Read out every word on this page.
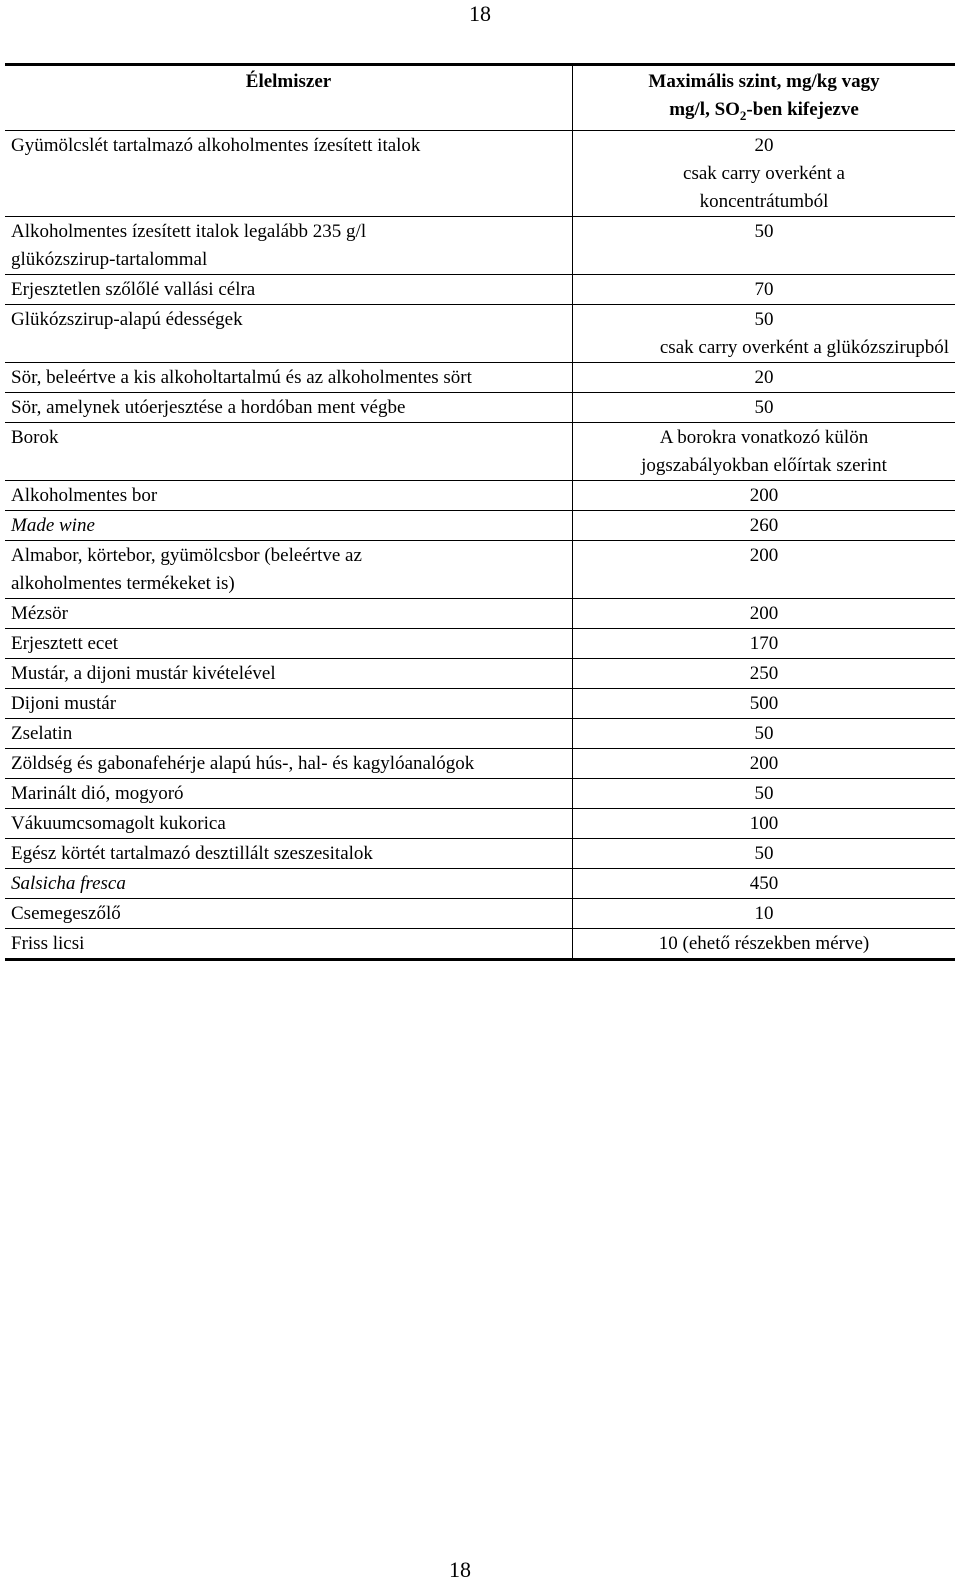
18
Élelmiszer	Maximális szint, mg/kg vagy
mg/l, $SO_2$-ben kifejezve
Gyümölcslét tartalmazó alkoholmentes ízesített italok	20
csak carry overként a
koncentrátumból
Alkoholmentes ízesített italok legalább 235 g/l
glükózszirup-tartalommal
50
Erjesztetlen szőlőlé vallási célra	70
Glükózszirup-alapú édességek	50
csak carry overként a glükózszirupból
Sör, beleértve a kis alkoholtartalmú és az alkoholmentes sört	20
Sör, amelynek utóerjesztése a hordóban ment végbe	50
Borok	A borokra vonatkozó külön
jogszabályokban előírtak szerint
Alkoholmentes bor	200
Made wine	260
Almabor, körtebor, gyümölcsbor (beleértve az
alkoholmentes termékeket is)
200
Mézsör	200
Erjesztett ecet	170
Mustár, a dijoni mustár kivételével	250
Dijoni mustár	500
Zselatin	50
Zöldség és gabonafehérje alapú hús-, hal- és kagylóanalógok	200
Marinált dió, mogyoró	50
Vákuumcsomagolt kukorica	100
Egész körtét tartalmazó desztillált szeszesitalok	50
Salsicha fresca	450
Csemegeszőlő	10
Friss licsi	10 (ehető részekben mérve)
18
